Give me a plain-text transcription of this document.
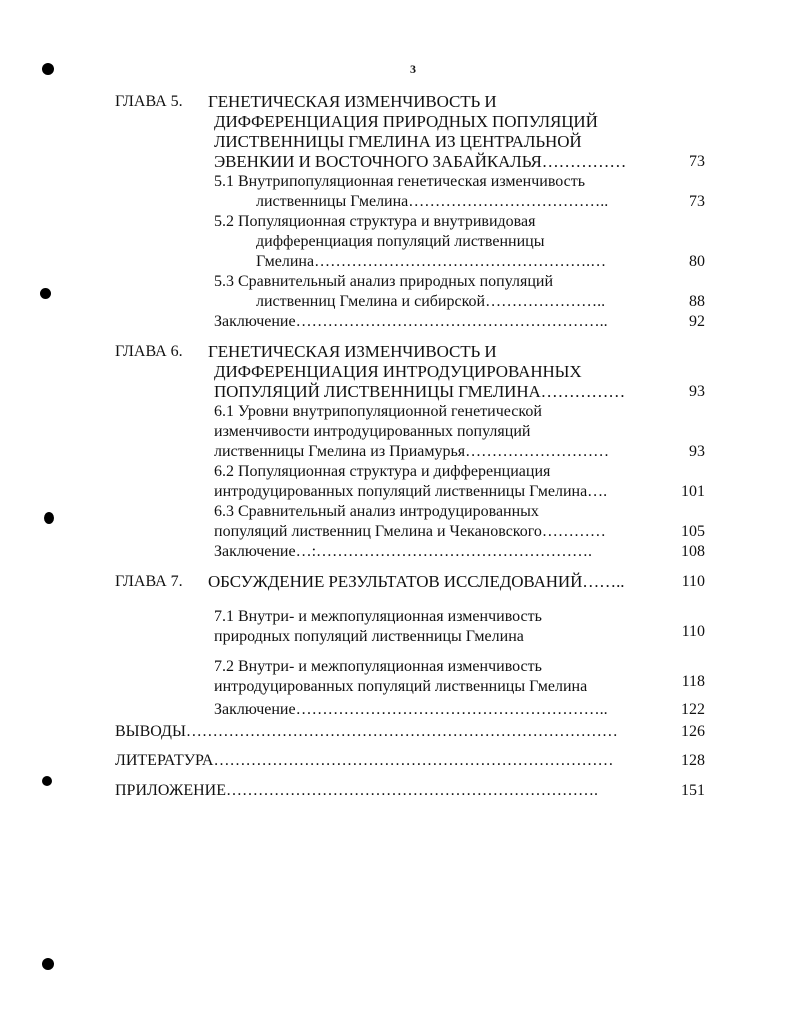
3
ГЛАВА 5. ГЕНЕТИЧЕСКАЯ ИЗМЕНЧИВОСТЬ И
ДИФФЕРЕНЦИАЦИЯ ПРИРОДНЫХ ПОПУЛЯЦИЙ
ЛИСТВЕННИЦЫ ГМЕЛИНА ИЗ ЦЕНТРАЛЬНОЙ
ЭВЕНКИИ И ВОСТОЧНОГО ЗАБАЙКАЛЬЯ……………	73
5.1 Внутрипопуляционная генетическая изменчивость
лиственницы Гмелина………………………………..	73
5.2 Популяционная структура и внутривидовая
дифференциация популяций лиственницы
Гмелина…………………………………………….…	80
5.3 Сравнительный анализ природных популяций
лиственниц Гмелина и сибирской…………………..	88
Заключение…………………………………………………..	92
ГЛАВА 6. ГЕНЕТИЧЕСКАЯ ИЗМЕНЧИВОСТЬ И
ДИФФЕРЕНЦИАЦИЯ ИНТРОДУЦИРОВАННЫХ
ПОПУЛЯЦИЙ ЛИСТВЕННИЦЫ ГМЕЛИНА……………	93
6.1 Уровни внутрипопуляционной генетической
изменчивости интродуцированных популяций
лиственницы Гмелина из Приамурья………………………	93
6.2 Популяционная структура и дифференциация
интродуцированных популяций лиственницы Гмелина….	101
6.3 Сравнительный анализ интродуцированных
популяций лиственниц Гмелина и Чекановского…………	105
Заключение…:…………………………………………….	108
ГЛАВА 7. ОБСУЖДЕНИЕ РЕЗУЛЬТАТОВ ИССЛЕДОВАНИЙ……..	110
7.1 Внутри- и межпопуляционная изменчивость
природных популяций лиственницы Гмелина	110
7.2 Внутри- и межпопуляционная изменчивость
интродуцированных популяций лиственницы Гмелина	118
Заключение…………………………………………………..	122
ВЫВОДЫ………………………………………………………………………	126
ЛИТЕРАТУРА…………………………………………………………………	128
ПРИЛОЖЕНИЕ…………………………………………………………….	151
